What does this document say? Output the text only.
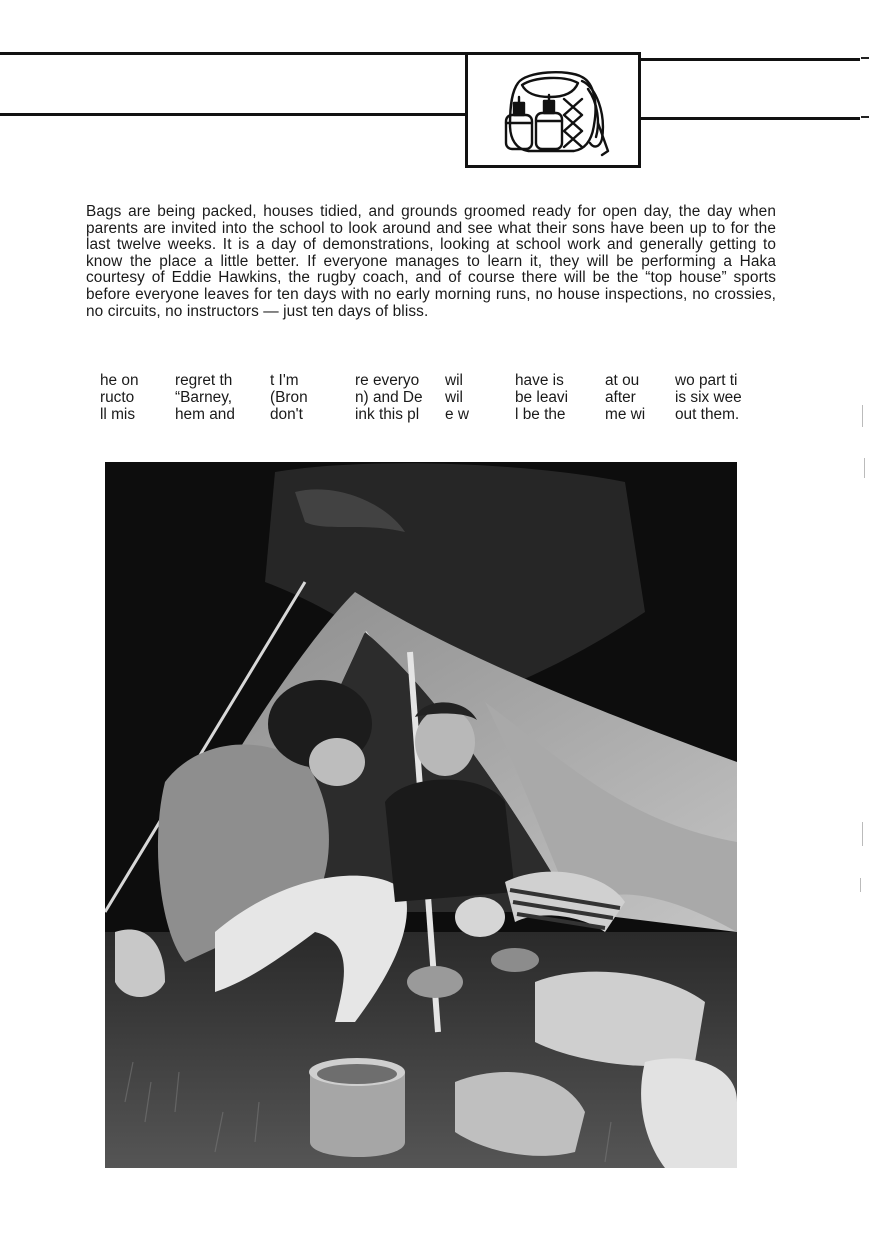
Bags are being packed, houses tidied, and grounds groomed ready for open day, the day when parents are invited into the school to look around and see what their sons have been up to for the last twelve weeks. It is a day of demonstrations, looking at school work and generally getting to know the place a little better. If everyone manages to learn it, they will be performing a Haka courtesy of Eddie Hawkins, the rugby coach, and of course there will be the “top house” sports before everyone leaves for ten days with no early morning runs, no house inspections, no crossies, no circuits, no instructors — just ten days of bliss.

he on	regret th	t I'm	re everyo	wil	have is	at ou	wo part ti
ructo	“Barney,	(Bron	n) and De	wil	be leavi	after	is six wee
ll mis	hem and	don't	ink this pl	e w	l be the	me wi	out them.
